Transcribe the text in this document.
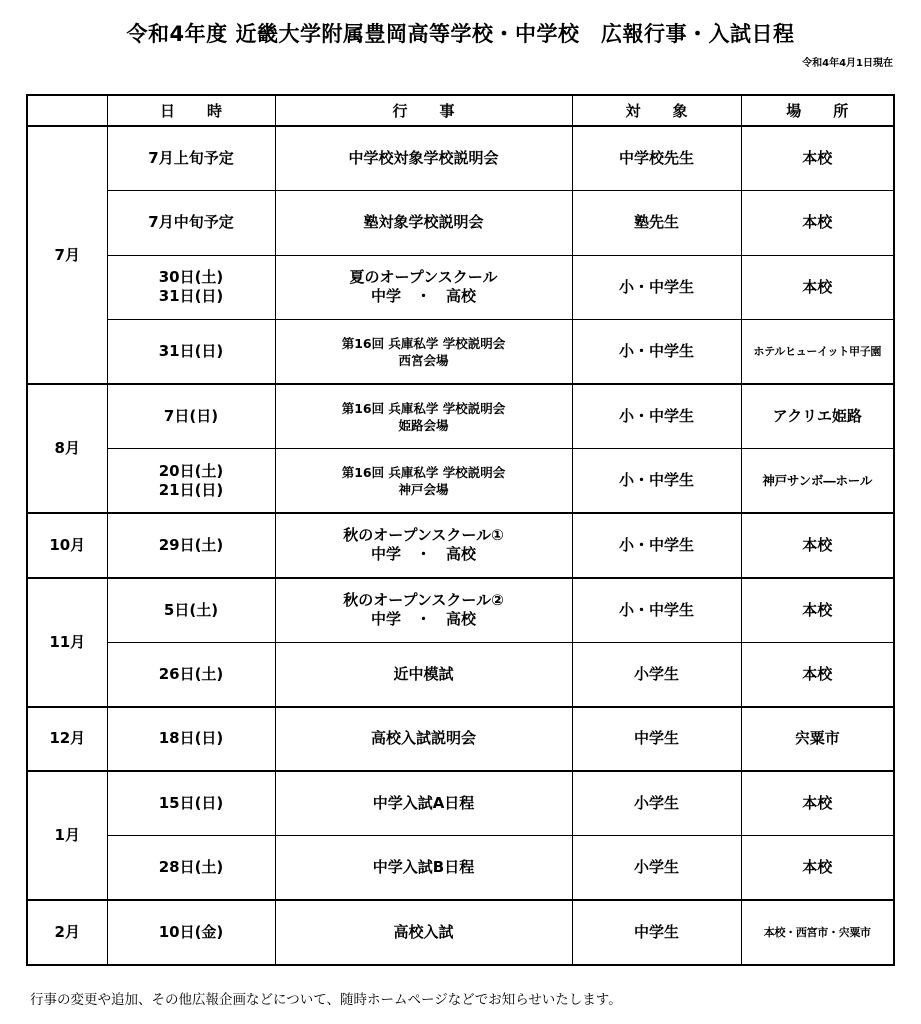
令和4年度 近畿大学附属豊岡高等学校・中学校　広報行事・入試日程
令和4年4月1日現在
	日 時	行 事	対 象	場 所
7月	7月上旬予定	中学校対象学校説明会	中学校先生	本校

	7月中旬予定	塾対象学校説明会	塾先生	本校

	30日(土)
31日(日)	夏のオープンスクール
中学　・　高校	小・中学生	本校

	31日(日)	第16回 兵庫私学 学校説明会
西宮会場	小・中学生	ホテルヒューイット甲子園
8月	7日(日)	第16回 兵庫私学 学校説明会
姫路会場	小・中学生	アクリエ姫路

	20日(土)
21日(日)	第16回 兵庫私学 学校説明会
神戸会場	小・中学生	神戸サンボ―ホール
10月	29日(土)	秋のオープンスクール①
中学　・　高校	小・中学生	本校
11月	5日(土)	秋のオープンスクール②
中学　・　高校	小・中学生	本校

	26日(土)	近中模試	小学生	本校
12月	18日(日)	高校入試説明会	中学生	宍粟市
1月	15日(日)	中学入試A日程	小学生	本校

	28日(土)	中学入試B日程	小学生	本校
2月	10日(金)	高校入試	中学生	本校・西宮市・宍粟市
行事の変更や追加、その他広報企画などについて、随時ホームページなどでお知らせいたします。
